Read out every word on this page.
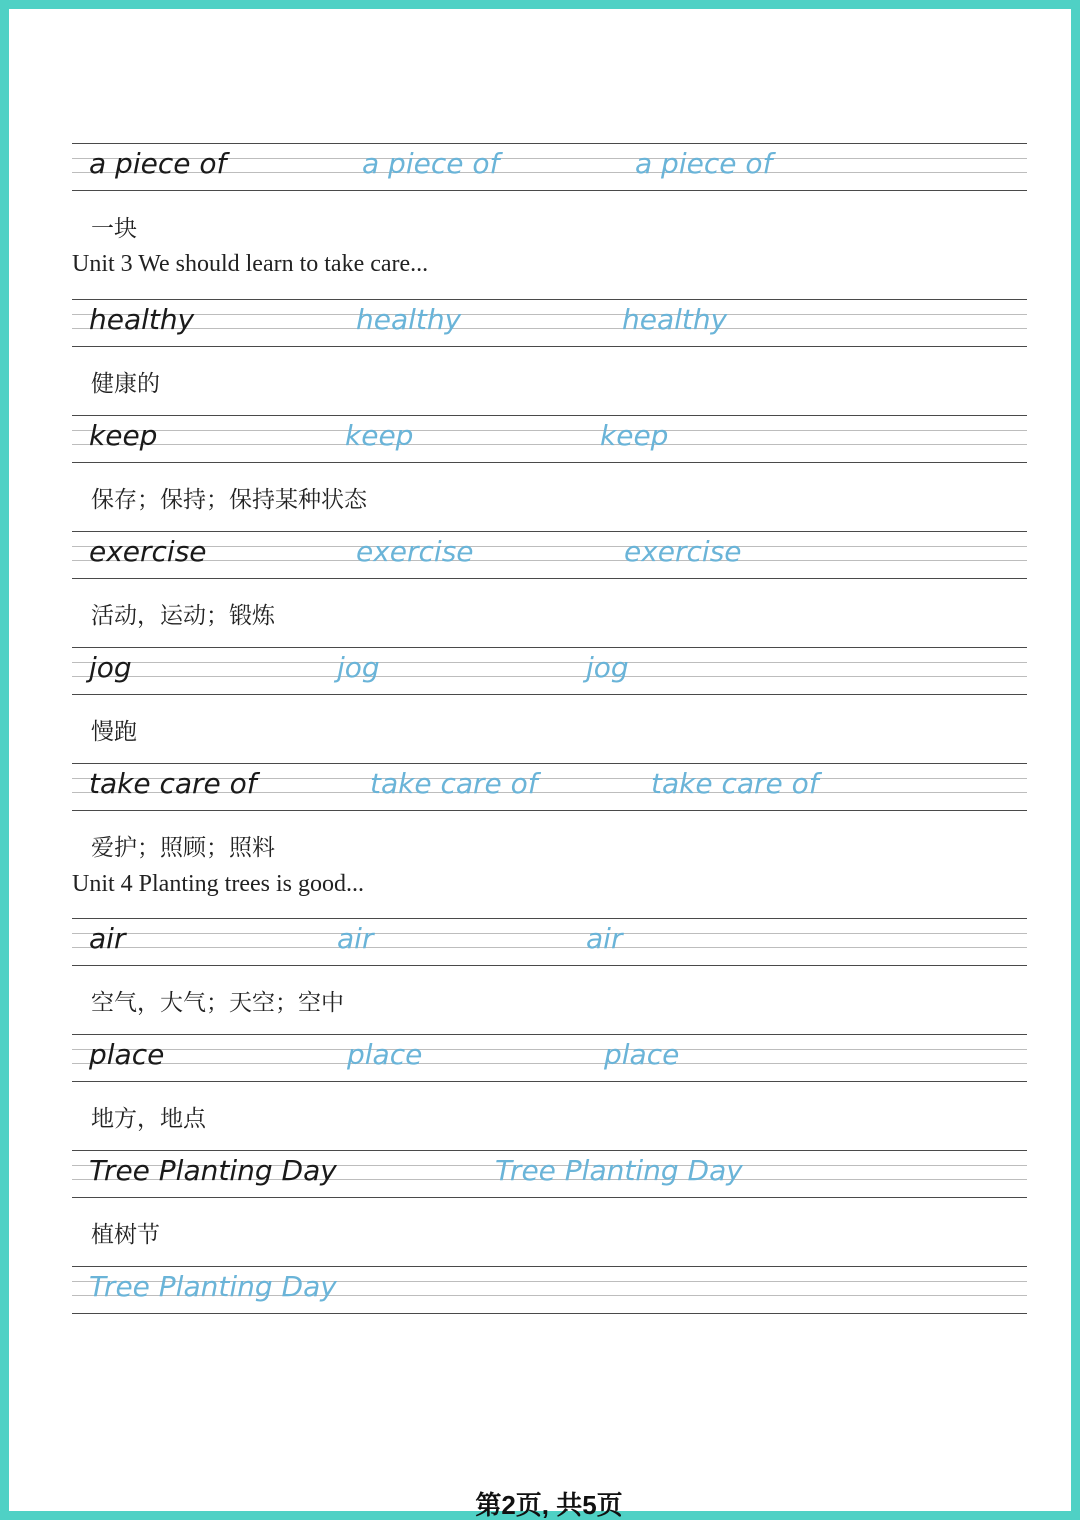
a piece of	a piece of	a piece of
一块
Unit 3 We should learn to take care...
healthy	healthy	healthy
健康的
keep	keep	keep
保存；保持；保持某种状态
exercise	exercise	exercise
活动，运动；锻炼
jog	jog	jog
慢跑
take care of	take care of	take care of
爱护；照顾；照料
Unit 4 Planting trees is good...
air	air	air
空气，大气；天空；空中
place	place	place
地方，地点
Tree Planting Day	Tree Planting Day
植树节
Tree Planting Day
第2页, 共5页
